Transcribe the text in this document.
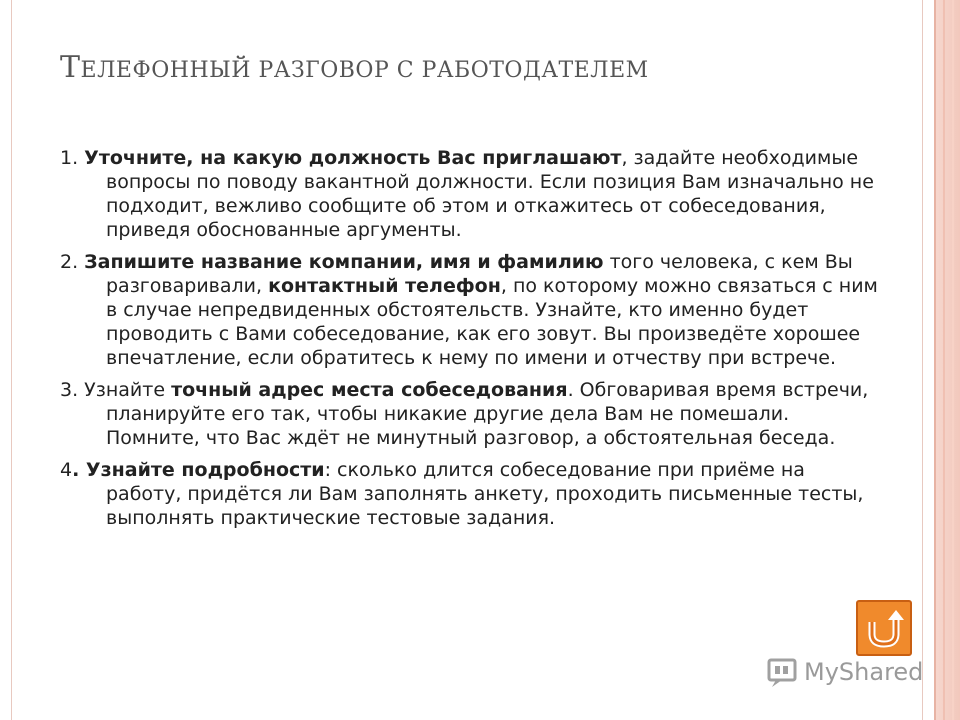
ТЕЛЕФОННЫЙ РАЗГОВОР С РАБОТОДАТЕЛЕМ

1. Уточните, на какую должность Вас приглашают, задайте необходимые вопросы по поводу вакантной должности. Если позиция Вам изначально не подходит, вежливо сообщите об этом и откажитесь от собеседования, приведя обоснованные аргументы.

2. Запишите название компании, имя и фамилию того человека, с кем Вы разговаривали, контактный телефон, по которому можно связаться с ним в случае непредвиденных обстоятельств. Узнайте, кто именно будет проводить с Вами собеседование, как его зовут. Вы произведёте хорошее впечатление, если обратитесь к нему по имени и отчеству при встрече.

3. Узнайте точный адрес места собеседования. Обговаривая время встречи, планируйте его так, чтобы никакие другие дела Вам не помешали. Помните, что Вас ждёт не минутный разговор, а обстоятельная беседа.

4. Узнайте подробности: сколько длится собеседование при приёме на работу, придётся ли Вам заполнять анкету, проходить письменные тесты, выполнять практические тестовые задания.

MyShared
